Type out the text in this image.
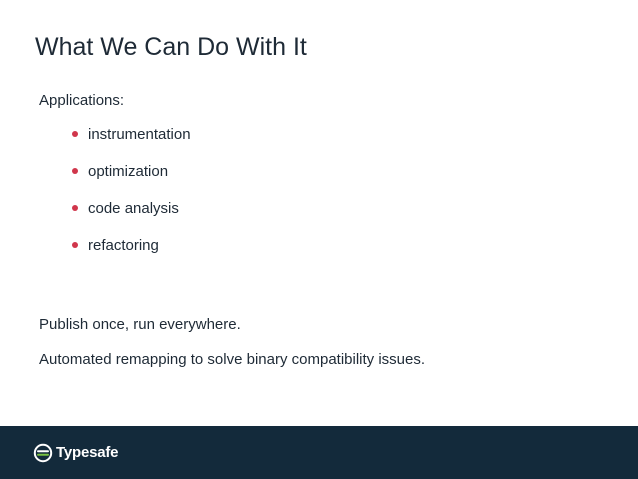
What We Can Do With It
Applications:
instrumentation
optimization
code analysis
refactoring
Publish once, run everywhere.
Automated remapping to solve binary compatibility issues.
Typesafe
